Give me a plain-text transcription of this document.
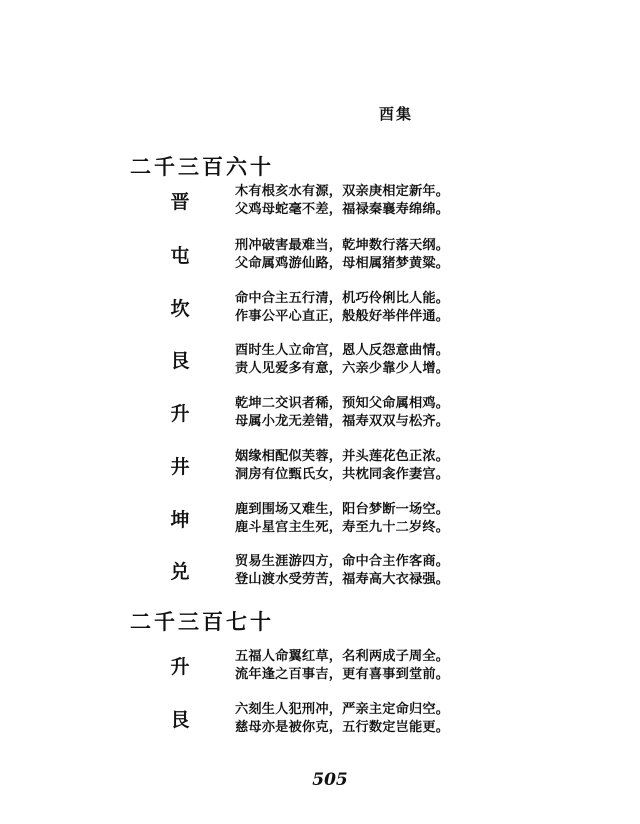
酉集
二千三百六十
晋	木有根亥水有源，双亲庚相定新年。
父鸡母蛇毫不差，福禄秦襄寿绵绵。
屯	刑冲破害最难当，乾坤数行落天纲。
父命属鸡游仙路，母相属猪梦黄粱。
坎	命中合主五行清，机巧伶俐比人能。
作事公平心直正，般般好举伴伴通。
艮	酉时生人立命宫，恩人反怨意曲情。
责人见爱多有意，六亲少靠少人增。
升	乾坤二交识者稀，预知父命属相鸡。
母属小龙无差错，福寿双双与松齐。
井	姻缘相配似芙蓉，并头莲花色正浓。
洞房有位甄氏女，共枕同衾作妻宫。
坤	鹿到围场又难生，阳台梦断一场空。
鹿斗星宫主生死，寿至九十二岁终。
兑	贸易生涯游四方，命中合主作客商。
登山渡水受劳苦，福寿高大衣禄强。
二千三百七十
升	五福人命翼红草，名利两成子周全。
流年逢之百事吉，更有喜事到堂前。
艮	六刻生人犯刑冲，严亲主定命归空。
慈母亦是被你克，五行数定岂能更。
505
